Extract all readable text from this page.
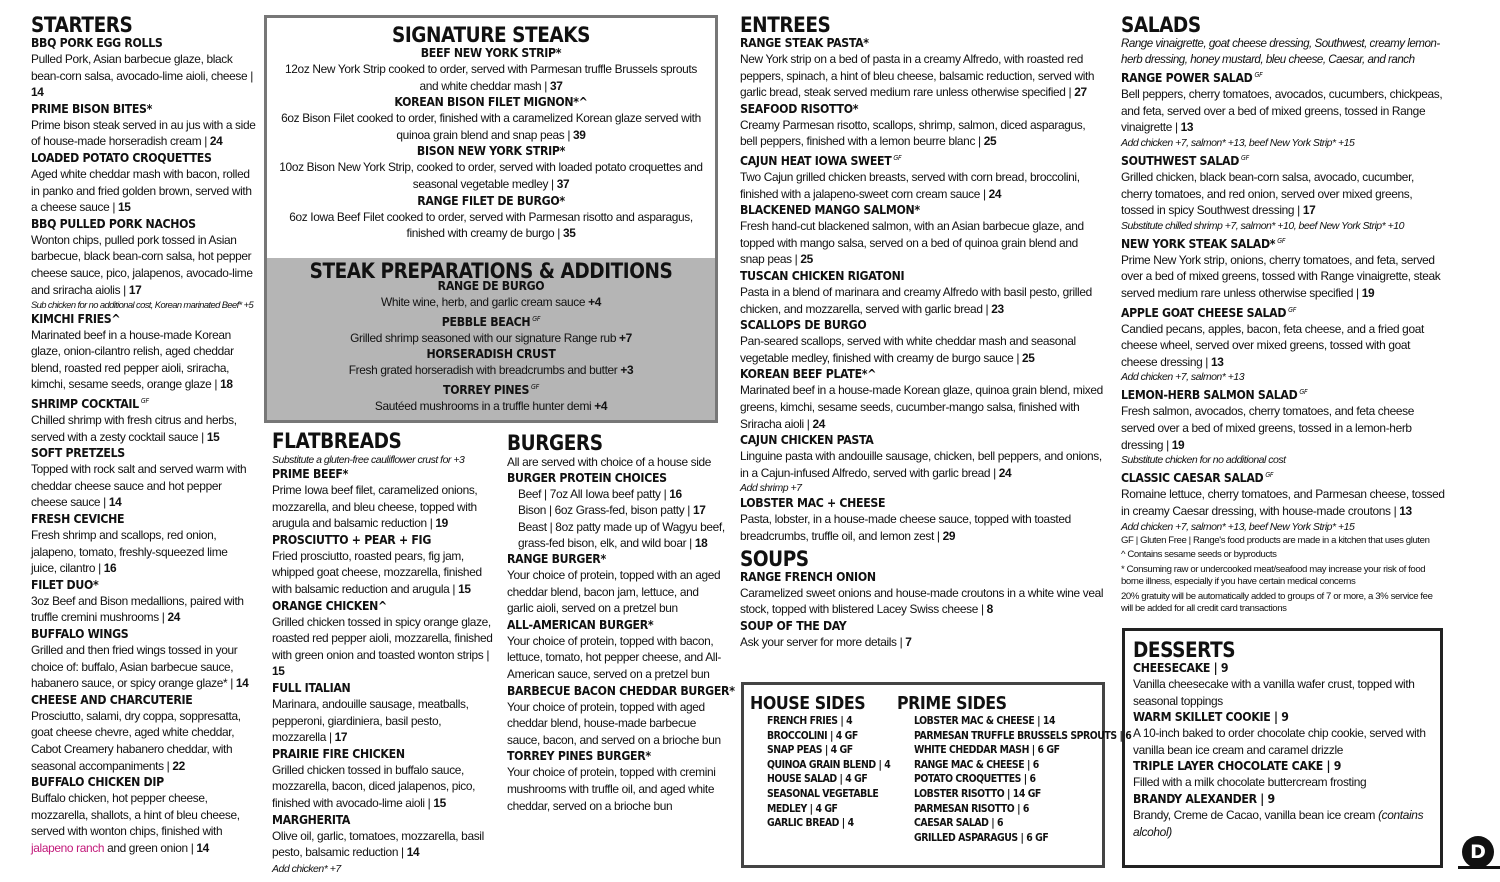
STARTERS
BBQ PORK EGG ROLLS
Pulled Pork, Asian barbecue glaze, black bean-corn salsa, avocado-lime aioli, cheese | 14
PRIME BISON BITES*
Prime bison steak served in au jus with a side of house-made horseradish cream | 24
LOADED POTATO CROQUETTES
Aged white cheddar mash with bacon, rolled in panko and fried golden brown, served with a cheese sauce | 15
BBQ PULLED PORK NACHOS
Wonton chips, pulled pork tossed in Asian barbecue, black bean-corn salsa, hot pepper cheese sauce, pico, jalapenos, avocado-lime and sriracha aiolis | 17
Sub chicken for no additional cost, Korean marinated Beef* +5
KIMCHI FRIES^
Marinated beef in a house-made Korean glaze, onion-cilantro relish, aged cheddar blend, roasted red pepper aioli, sriracha, kimchi, sesame seeds, orange glaze | 18
SHRIMP COCKTAIL $^{GF}$
Chilled shrimp with fresh citrus and herbs, served with a zesty cocktail sauce | 15
SOFT PRETZELS
Topped with rock salt and served warm with cheddar cheese sauce and hot pepper cheese sauce | 14
FRESH CEVICHE
Fresh shrimp and scallops, red onion, jalapeno, tomato, freshly-squeezed lime juice, cilantro | 16
FILET DUO*
3oz Beef and Bison medallions, paired with truffle cremini mushrooms | 24
BUFFALO WINGS
Grilled and then fried wings tossed in your choice of: buffalo, Asian barbecue sauce, habanero sauce, or spicy orange glaze* | 14
CHEESE AND CHARCUTERIE
Prosciutto, salami, dry coppa, soppresatta, goat cheese chevre, aged white cheddar, Cabot Creamery habanero cheddar, with seasonal accompaniments | 22
BUFFALO CHICKEN DIP
Buffalo chicken, hot pepper cheese, mozzarella, shallots, a hint of bleu cheese, served with wonton chips, finished with jalapeno ranch and green onion | 14
SIGNATURE STEAKS
BEEF NEW YORK STRIP*
12oz New York Strip cooked to order, served with Parmesan truffle Brussels sprouts and white cheddar mash | 37
KOREAN BISON FILET MIGNON*^
6oz Bison Filet cooked to order, finished with a caramelized Korean glaze served with quinoa grain blend and snap peas | 39
BISON NEW YORK STRIP*
10oz Bison New York Strip, cooked to order, served with loaded potato croquettes and seasonal vegetable medley | 37
RANGE FILET DE BURGO*
6oz Iowa Beef Filet cooked to order, served with Parmesan risotto and asparagus, finished with creamy de burgo | 35
STEAK PREPARATIONS & ADDITIONS
RANGE DE BURGO
White wine, herb, and garlic cream sauce +4
PEBBLE BEACH $^{GF}$
Grilled shrimp seasoned with our signature Range rub +7
HORSERADISH CRUST
Fresh grated horseradish with breadcrumbs and butter +3
TORREY PINES $^{GF}$
Sautéed mushrooms in a truffle hunter demi +4
FLATBREADS
Substitute a gluten-free cauliflower crust for +3
PRIME BEEF*
Prime Iowa beef filet, caramelized onions, mozzarella, and bleu cheese, topped with arugula and balsamic reduction | 19
PROSCIUTTO + PEAR + FIG
Fried prosciutto, roasted pears, fig jam, whipped goat cheese, mozzarella, finished with balsamic reduction and arugula | 15
ORANGE CHICKEN^
Grilled chicken tossed in spicy orange glaze, roasted red pepper aioli, mozzarella, finished with green onion and toasted wonton strips | 15
FULL ITALIAN
Marinara, andouille sausage, meatballs, pepperoni, giardiniera, basil pesto, mozzarella | 17
PRAIRIE FIRE CHICKEN
Grilled chicken tossed in buffalo sauce, mozzarella, bacon, diced jalapenos, pico, finished with avocado-lime aioli | 15
MARGHERITA
Olive oil, garlic, tomatoes, mozzarella, basil pesto, balsamic reduction | 14
Add chicken* +7
BURGERS
All are served with choice of a house side
BURGER PROTEIN CHOICES
Beef | 7oz All Iowa beef patty | 16
Bison | 6oz Grass-fed, bison patty | 17
Beast | 8oz patty made up of Wagyu beef, grass-fed bison, elk, and wild boar | 18
RANGE BURGER*
Your choice of protein, topped with an aged cheddar blend, bacon jam, lettuce, and garlic aioli, served on a pretzel bun
ALL-AMERICAN BURGER*
Your choice of protein, topped with bacon, lettuce, tomato, hot pepper cheese, and All-American sauce, served on a pretzel bun
BARBECUE BACON CHEDDAR BURGER*
Your choice of protein, topped with aged cheddar blend, house-made barbecue sauce, bacon, and served on a brioche bun
TORREY PINES BURGER*
Your choice of protein, topped with cremini mushrooms with truffle oil, and aged white cheddar, served on a brioche bun
ENTREES
RANGE STEAK PASTA*
New York strip on a bed of pasta in a creamy Alfredo, with roasted red peppers, spinach, a hint of bleu cheese, balsamic reduction, served with garlic bread, steak served medium rare unless otherwise specified | 27
SEAFOOD RISOTTO*
Creamy Parmesan risotto, scallops, shrimp, salmon, diced asparagus, bell peppers, finished with a lemon beurre blanc | 25
CAJUN HEAT IOWA SWEET $^{GF}$
Two Cajun grilled chicken breasts, served with corn bread, broccolini, finished with a jalapeno-sweet corn cream sauce | 24
BLACKENED MANGO SALMON*
Fresh hand-cut blackened salmon, with an Asian barbecue glaze, and topped with mango salsa, served on a bed of quinoa grain blend and snap peas | 25
TUSCAN CHICKEN RIGATONI
Pasta in a blend of marinara and creamy Alfredo with basil pesto, grilled chicken, and mozzarella, served with garlic bread | 23
SCALLOPS DE BURGO
Pan-seared scallops, served with white cheddar mash and seasonal vegetable medley, finished with creamy de burgo sauce | 25
KOREAN BEEF PLATE*^
Marinated beef in a house-made Korean glaze, quinoa grain blend, mixed greens, kimchi, sesame seeds, cucumber-mango salsa, finished with Sriracha aioli | 24
CAJUN CHICKEN PASTA
Linguine pasta with andouille sausage, chicken, bell peppers, and onions, in a Cajun-infused Alfredo, served with garlic bread | 24
Add shrimp +7
LOBSTER MAC + CHEESE
Pasta, lobster, in a house-made cheese sauce, topped with toasted breadcrumbs, truffle oil, and lemon zest | 29
SOUPS
RANGE FRENCH ONION
Caramelized sweet onions and house-made croutons in a white wine veal stock, topped with blistered Lacey Swiss cheese | 8
SOUP OF THE DAY
Ask your server for more details | 7
HOUSE SIDES
FRENCH FRIES | 4
BROCCOLINI | 4 GF
SNAP PEAS | 4 GF
QUINOA GRAIN BLEND | 4
HOUSE SALAD | 4 GF
SEASONAL VEGETABLE
MEDLEY | 4 GF
GARLIC BREAD | 4
PRIME SIDES
LOBSTER MAC & CHEESE | 14
PARMESAN TRUFFLE BRUSSELS SPROUTS | 6
WHITE CHEDDAR MASH | 6 GF
RANGE MAC & CHEESE | 6
POTATO CROQUETTES | 6
LOBSTER RISOTTO | 14 GF
PARMESAN RISOTTO | 6
CAESAR SALAD | 6
GRILLED ASPARAGUS | 6 GF
SALADS
Range vinaigrette, goat cheese dressing, Southwest, creamy lemon-herb dressing, honey mustard, bleu cheese, Caesar, and ranch
RANGE POWER SALAD $^{GF}$
Bell peppers, cherry tomatoes, avocados, cucumbers, chickpeas, and feta, served over a bed of mixed greens, tossed in Range vinaigrette | 13
Add chicken +7, salmon* +13, beef New York Strip* +15
SOUTHWEST SALAD $^{GF}$
Grilled chicken, black bean-corn salsa, avocado, cucumber, cherry tomatoes, and red onion, served over mixed greens, tossed in spicy Southwest dressing | 17
Substitute chilled shrimp +7, salmon* +10, beef New York Strip* +10
NEW YORK STEAK SALAD* $^{GF}$
Prime New York strip, onions, cherry tomatoes, and feta, served over a bed of mixed greens, tossed with Range vinaigrette, steak served medium rare unless otherwise specified | 19
APPLE GOAT CHEESE SALAD $^{GF}$
Candied pecans, apples, bacon, feta cheese, and a fried goat cheese wheel, served over mixed greens, tossed with goat cheese dressing | 13
Add chicken +7, salmon* +13
LEMON-HERB SALMON SALAD $^{GF}$
Fresh salmon, avocados, cherry tomatoes, and feta cheese served over a bed of mixed greens, tossed in a lemon-herb dressing | 19
Substitute chicken for no additional cost
CLASSIC CAESAR SALAD $^{GF}$
Romaine lettuce, cherry tomatoes, and Parmesan cheese, tossed in creamy Caesar dressing, with house-made croutons | 13
Add chicken +7, salmon* +13, beef New York Strip* +15
GF | Gluten Free | Range's food products are made in a kitchen that uses gluten
^ Contains sesame seeds or byproducts
* Consuming raw or undercooked meat/seafood may increase your risk of food borne illness, especially if you have certain medical concerns
20% gratuity will be automatically added to groups of 7 or more, a 3% service fee will be added for all credit card transactions
DESSERTS
CHEESECAKE | 9
Vanilla cheesecake with a vanilla wafer crust, topped with seasonal toppings
WARM SKILLET COOKIE | 9
A 10-inch baked to order chocolate chip cookie, served with vanilla bean ice cream and caramel drizzle
TRIPLE LAYER CHOCOLATE CAKE | 9
Filled with a milk chocolate buttercream frosting
BRANDY ALEXANDER | 9
Brandy, Creme de Cacao, vanilla bean ice cream (contains alcohol)
D
